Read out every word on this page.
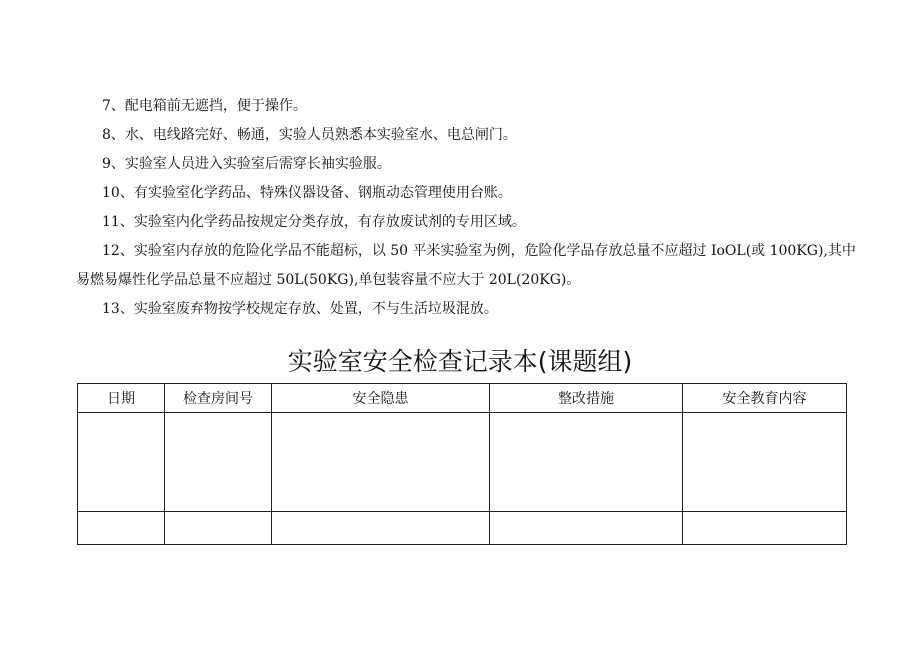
7、配电箱前无遮挡，便于操作。

8、水、电线路完好、畅通，实验人员熟悉本实验室水、电总闸门。

9、实验室人员进入实验室后需穿长袖实验服。

10、有实验室化学药品、特殊仪器设备、钢瓶动态管理使用台账。

11、实验室内化学药品按规定分类存放，有存放废试剂的专用区域。

12、实验室内存放的危险化学品不能超标，以 50 平米实验室为例，危险化学品存放总量不应超过 IoOL(或 100KG),其中易燃易爆性化学品总量不应超过 50L(50KG),单包装容量不应大于 20L(20KG)。

13、实验室废弃物按学校规定存放、处置，不与生活垃圾混放。

实验室安全检查记录本(课题组)
日期	检查房间号	安全隐患	整改措施	安全教育内容
